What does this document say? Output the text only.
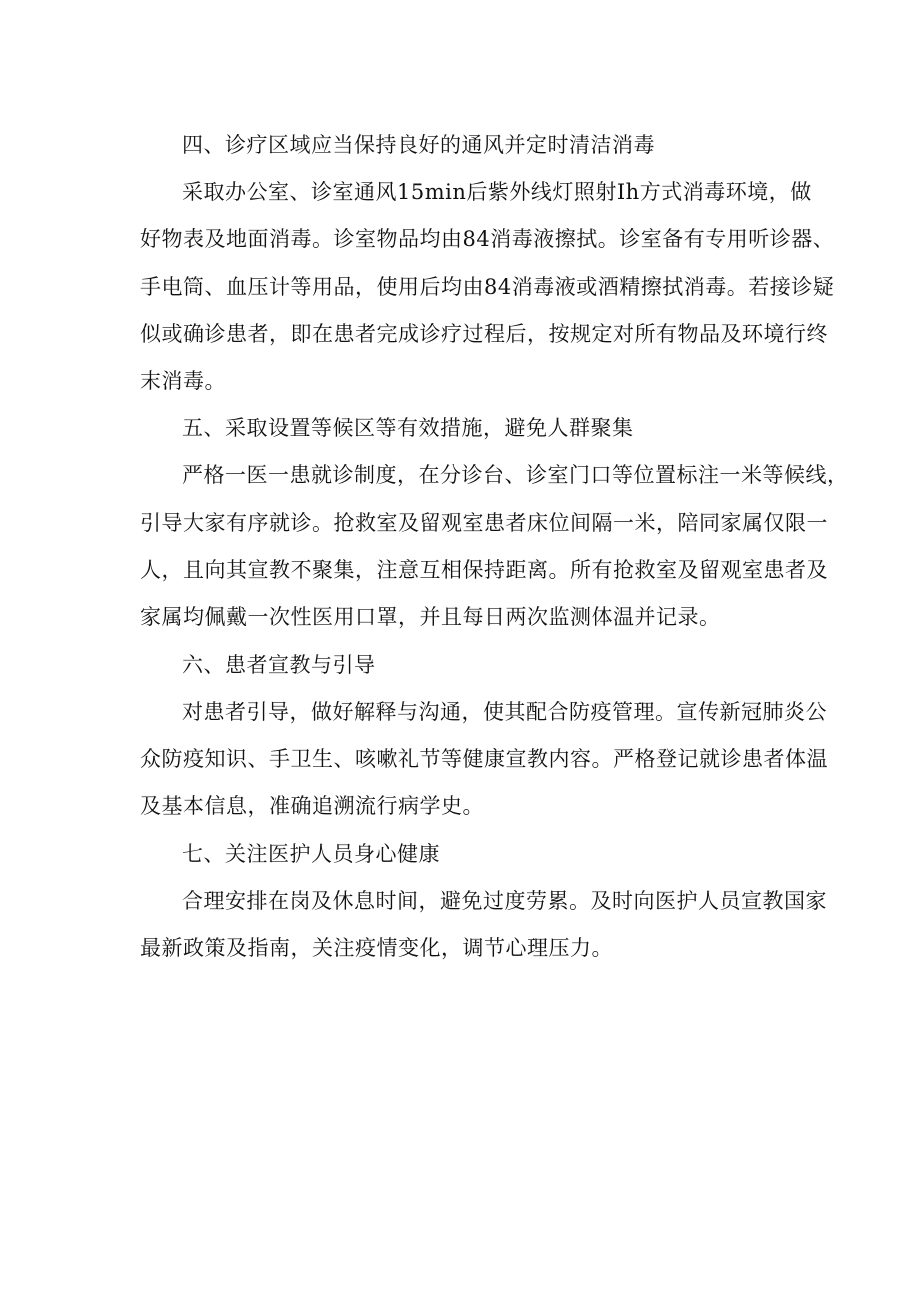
四、诊疗区域应当保持良好的通风并定时清洁消毒

采取办公室、诊室通风15min后紫外线灯照射Ih方式消毒环境，做
好物表及地面消毒。诊室物品均由84消毒液擦拭。诊室备有专用听诊器、
手电筒、血压计等用品，使用后均由84消毒液或酒精擦拭消毒。若接诊疑
似或确诊患者，即在患者完成诊疗过程后，按规定对所有物品及环境行终
末消毒。

五、采取设置等候区等有效措施，避免人群聚集

严格一医一患就诊制度，在分诊台、诊室门口等位置标注一米等候线，
引导大家有序就诊。抢救室及留观室患者床位间隔一米，陪同家属仅限一
人，且向其宣教不聚集，注意互相保持距离。所有抢救室及留观室患者及
家属均佩戴一次性医用口罩，并且每日两次监测体温并记录。

六、患者宣教与引导

对患者引导，做好解释与沟通，使其配合防疫管理。宣传新冠肺炎公
众防疫知识、手卫生、咳嗽礼节等健康宣教内容。严格登记就诊患者体温
及基本信息，准确追溯流行病学史。

七、关注医护人员身心健康

合理安排在岗及休息时间，避免过度劳累。及时向医护人员宣教国家
最新政策及指南，关注疫情变化，调节心理压力。
